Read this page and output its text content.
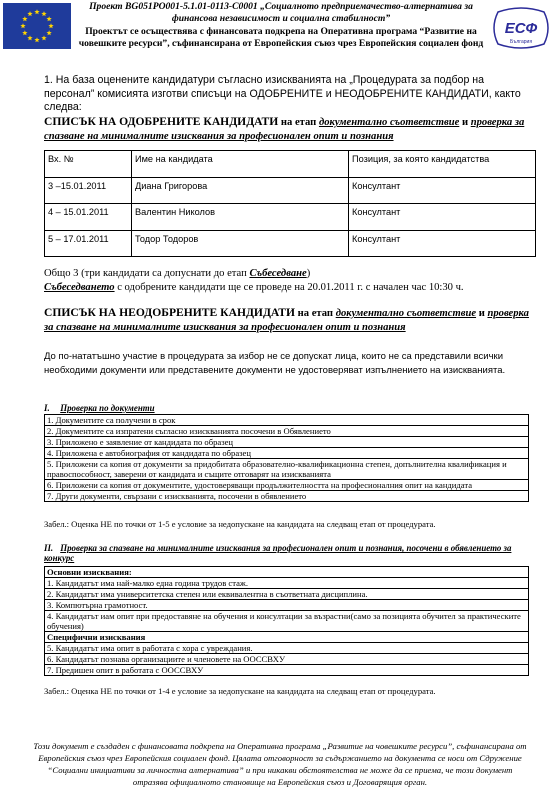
Проект BG051PO001-5.1.01-0113-C0001 „Социалното предприемачество-алтернатива за финансова независимост и социална стабилност”
Проектът се осъществява с финансовата подкрепа на Оперативна програма “Развитие на човешките ресурси”, съфинансирана от Европейския съюз чрез Европейския социален фонд
ЕСФ
България
1. На база оценените кандидатури съгласно изискванията на „Процедурата за подбор на персонал” комисията изготви списъци на ОДОБРЕНИТЕ и НЕОДОБРЕНИТЕ КАНДИДАТИ, както следва:
СПИСЪК НА ОДОБРЕНИТЕ КАНДИДАТИ на етап документално съответствие и проверка за спазване на минималните изисквания за професионален опит и познания
Вх. №	Име на кандидата	Позиция, за която кандидатства
3 –15.01.2011	Диана Григорова	Консултант
4 – 15.01.2011	Валентин Николов	Консултант
5 – 17.01.2011	Тодор Тодоров	Консултант
Общо 3 (три кандидати са допуснати до етап Събеседване)
Събеседването с одобрените кандидати ще се проведе на 20.01.2011 г. с начален час 10:30 ч.
СПИСЪК НА НЕОДОБРЕНИТЕ КАНДИДАТИ на етап документално съответствие и проверка за спазване на минималните изисквания за професионален опит и познания
До по-нататъшно участие в процедурата за избор не се допускат лица, които не са представили всички необходими документи или представените документи не удостоверяват изпълнението на изискванията.
I. Проверка по документи
1. Документите са получени в срок
2. Документите са изпратени съгласно изискванията посочени в Обявлението
3. Приложено е заявление от кандидата по образец
4. Приложена е автобиография от кандидата по образец
5. Приложени са копия от документи за придобитата образователно-квалификационна степен, допълнителна квалификация и правоспособност, заверени от кандидата и същите отговарят на изискванията
6. Приложени са копия от документите, удостоверяващи продължителността на професионалния опит на кандидата
7. Други документи, свързани с изискванията, посочени в обявлението
Забел.: Оценка НЕ по точки от 1-5 е условие за недопускане на кандидата на следващ етап от процедурата.
II. Проверка за спазване на минималните изисквания за професионален опит и познания, посочени в обявлението за конкурс
Основни изисквания:
1. Кандидатът има най-малко една година трудов стаж.
2. Кандидатът има университетска степен или еквивалентна в съответната дисциплина.
3. Компютърна грамотност.
4. Кандидатът иам опит при предоставяне на обучения и консултации за възрастни(само за позицията обучител за практическите обучения)
Специфични изисквания
5. Кандидатът има опит в работата с хора с увреждания.
6. Кандидатът познава организациите и членовете на ООССВХУ
7. Предишен опит в работата с ООССВХУ
Забел.: Оценка НЕ по точки от 1-4 е условие за недопускане на кандидата на следващ етап от процедурата.
Този документ е създаден с финансовата подкрепа на Оперативна програма „Развитие на човешките ресурси”, съфинансирана от Европейския съюз чрез Европейския социален фонд. Цялата отговорност за съдържанието на документа се носи от Сдружение “Социални инициативи за личностна алтернатива” и при никакви обстоятелства не може да се приема, че този документ отразява официалното становище на Европейския съюз и Договарящия орган.
